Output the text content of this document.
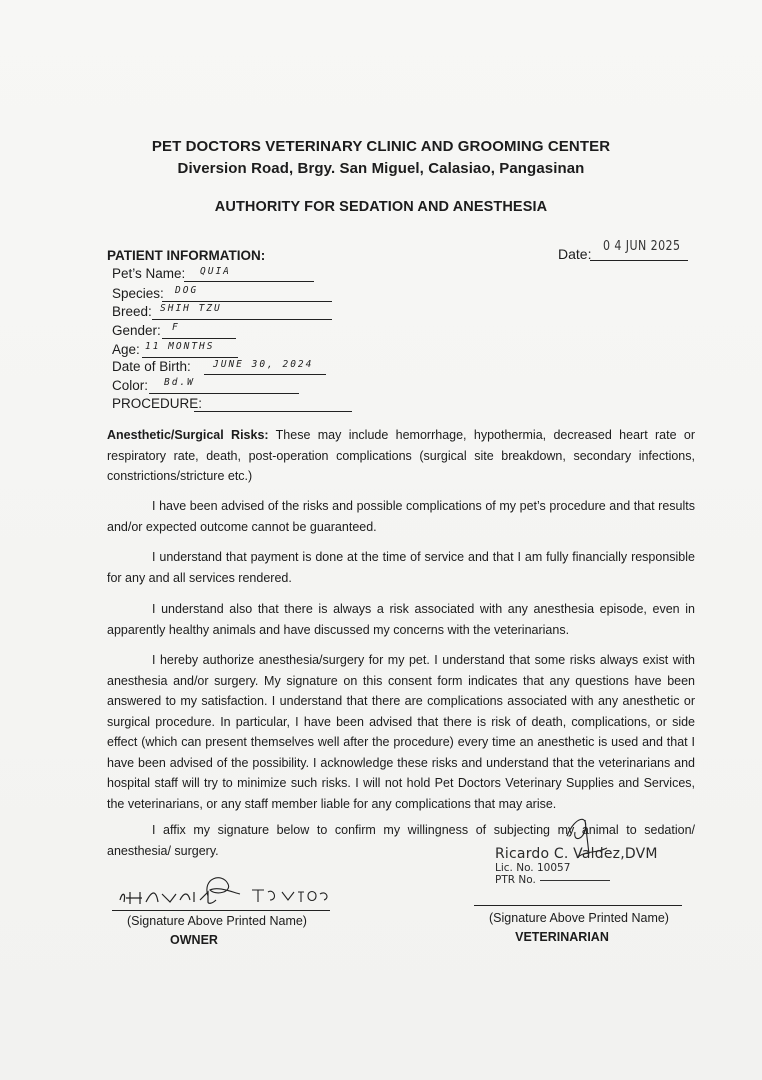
PET DOCTORS VETERINARY CLINIC AND GROOMING CENTER
Diversion Road, Brgy. San Miguel, Calasiao, Pangasinan
AUTHORITY FOR SEDATION AND ANESTHESIA
Date: 0 4 JUN 2025
PATIENT INFORMATION:
Pet’s Name: QUIA
Species: DOG
Breed: SHIH TZU
Gender: F
Age: 11 MONTHS
Date of Birth: JUNE 30, 2024
Color: Bd.W
PROCEDURE:
Anesthetic/Surgical Risks: These may include hemorrhage, hypothermia, decreased heart rate or respiratory rate, death, post-operation complications (surgical site breakdown, secondary infections, constrictions/stricture etc.)
I have been advised of the risks and possible complications of my pet’s procedure and that results and/or expected outcome cannot be guaranteed.
I understand that payment is done at the time of service and that I am fully financially responsible for any and all services rendered.
I understand also that there is always a risk associated with any anesthesia episode, even in apparently healthy animals and have discussed my concerns with the veterinarians.
I hereby authorize anesthesia/surgery for my pet. I understand that some risks always exist with anesthesia and/or surgery. My signature on this consent form indicates that any questions have been answered to my satisfaction. I understand that there are complications associated with any anesthetic or surgical procedure. In particular, I have been advised that there is risk of death, complications, or side effect (which can present themselves well after the procedure) every time an anesthetic is used and that I have been advised of the possibility. I acknowledge these risks and understand that the veterinarians and hospital staff will try to minimize such risks. I will not hold Pet Doctors Veterinary Supplies and Services, the veterinarians, or any staff member liable for any complications that may arise.
I affix my signature below to confirm my willingness of subjecting my animal to sedation/ anesthesia/ surgery.
(Signature Above Printed Name)
OWNER
Ricardo C. Valdez,DVM
Lic. No. 10057
PTR No.
(Signature Above Printed Name)
VETERINARIAN
